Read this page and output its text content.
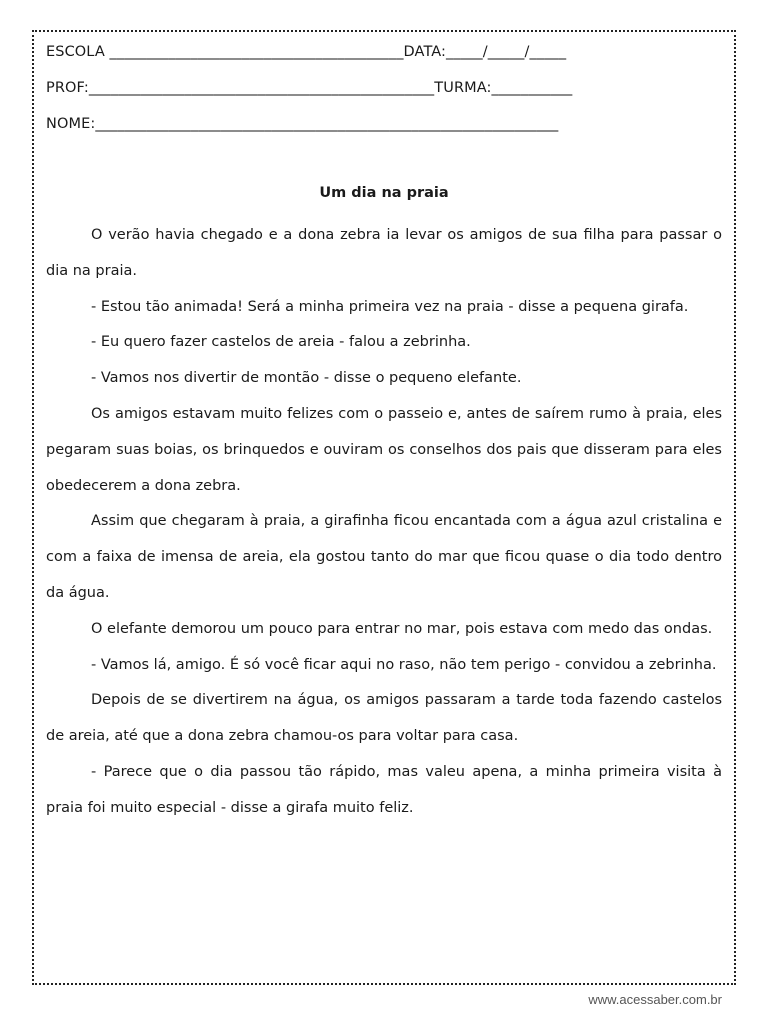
ESCOLA ________________________________________DATA:_____/_____/_____
PROF:_______________________________________________TURMA:___________
NOME:_______________________________________________________________
Um dia na praia

O verão havia chegado e a dona zebra ia levar os amigos de sua filha para passar o dia na praia.

- Estou tão animada! Será a minha primeira vez na praia - disse a pequena girafa.

- Eu quero fazer castelos de areia - falou a zebrinha.

- Vamos nos divertir de montão - disse o pequeno elefante.

Os amigos estavam muito felizes com o passeio e, antes de saírem rumo à praia, eles pegaram suas boias, os brinquedos e ouviram os conselhos dos pais que disseram para eles obedecerem a dona zebra.

Assim que chegaram à praia, a girafinha ficou encantada com a água azul cristalina e com a faixa de imensa de areia, ela gostou tanto do mar que ficou quase o dia todo dentro da água.

O elefante demorou um pouco para entrar no mar, pois estava com medo das ondas.

- Vamos lá, amigo. É só você ficar aqui no raso, não tem perigo - convidou a zebrinha.

Depois de se divertirem na água, os amigos passaram a tarde toda fazendo castelos de areia, até que a dona zebra chamou-os para voltar para casa.

- Parece que o dia passou tão rápido, mas valeu apena, a minha primeira visita à praia foi muito especial - disse a girafa muito feliz.

www.acessaber.com.br
